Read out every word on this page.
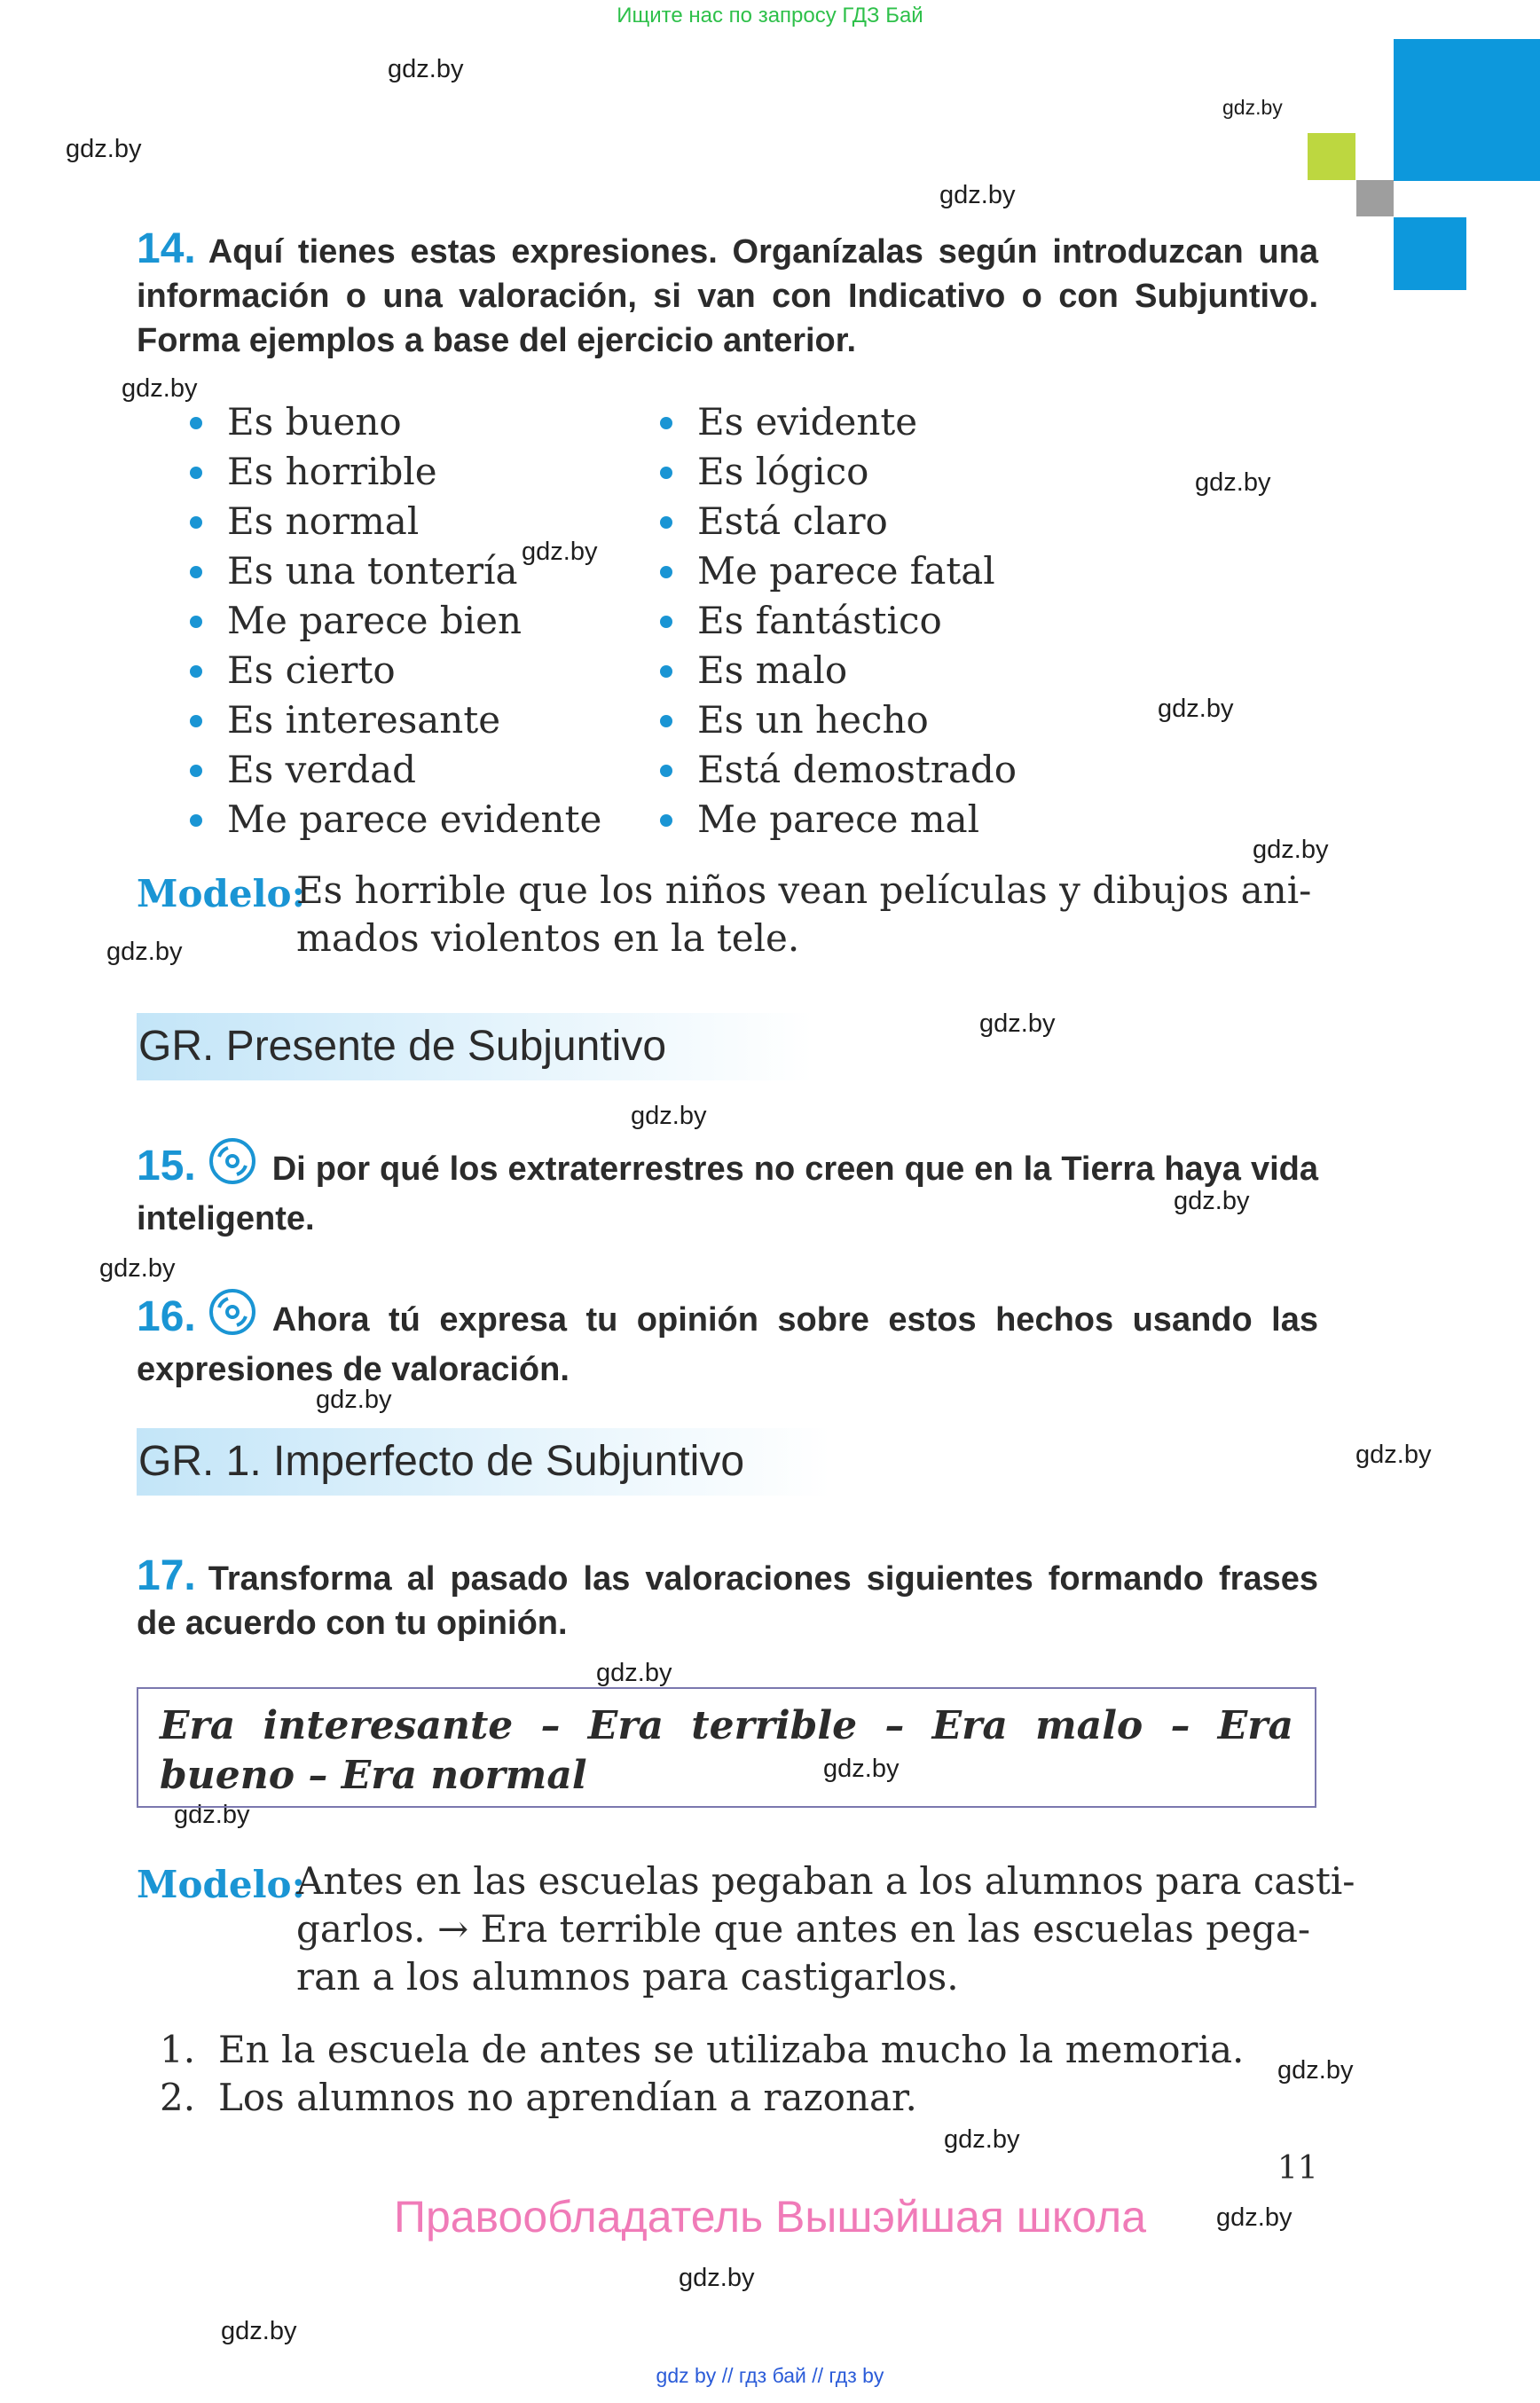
Ищите нас по запросу ГДЗ Бай
gdz.by
gdz.by
gdz.by
gdz.by
gdz.by
gdz.by
gdz.by
gdz.by
gdz.by
gdz.by
gdz.by
gdz.by
gdz.by
gdz.by
gdz.by
gdz.by
gdz.by
gdz.by
gdz.by
gdz.by
gdz.by
gdz.by
gdz.by
gdz.by
14. Aquí tienes estas expresiones. Organízalas según introduzcan una información o una valoración, si van con Indicativo o con Subjuntivo. Forma ejemplos a base del ejercicio anterior.
Es bueno
Es horrible
Es normal
Es una tontería
Me parece bien
Es cierto
Es interesante
Es verdad
Me parece evidente
Es evidente
Es lógico
Está claro
Me parece fatal
Es fantástico
Es malo
Es un hecho
Está demostrado
Me parece mal
Modelo:
Es horrible que los niños vean películas y dibujos ani-
mados violentos en la tele.
GR. Presente de Subjuntivo
15. Di por qué los extraterrestres no creen que en la Tierra haya vida inteligente.
16. Ahora tú expresa tu opinión sobre estos hechos usando las expresiones de valoración.
GR. 1. Imperfecto de Subjuntivo
17. Transforma al pasado las valoraciones siguientes formando frases de acuerdo con tu opinión.
Era interesante – Era terrible – Era malo – Era bueno – Era normal
Modelo:
Antes en las escuelas pegaban a los alumnos para casti-
garlos. → Era terrible que antes en las escuelas pega-
ran a los alumnos para castigarlos.
1. En la escuela de antes se utilizaba mucho la memoria.
2. Los alumnos no aprendían a razonar.
11
Правообладатель Вышэйшая школа
gdz by // гдз бай // гдз by
